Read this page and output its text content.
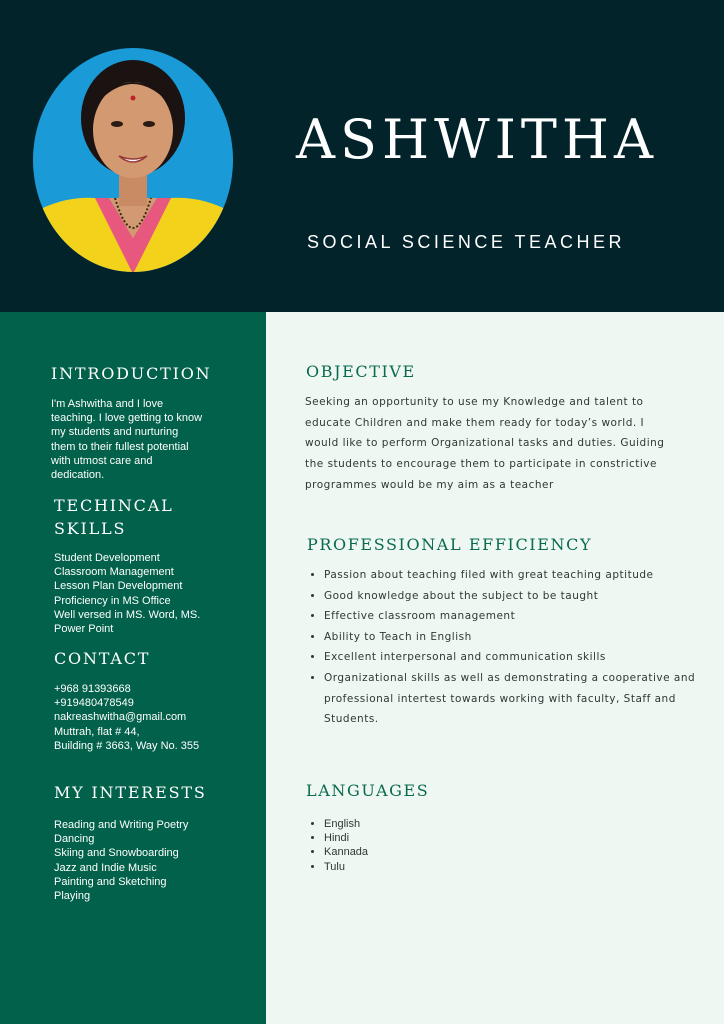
ASHWITHA
SOCIAL SCIENCE TEACHER
INTRODUCTION
I'm Ashwitha and I love
teaching. I love getting to know
my students and nurturing
them to their fullest potential
with utmost care and
dedication.
TECHINCAL
SKILLS
Student Development
Classroom Management
Lesson Plan Development
Proficiency in MS Office
Well versed in MS. Word, MS.
Power Point
CONTACT
+968 91393668
+919480478549
nakreashwitha@gmail.com
Muttrah, flat # 44,
Building # 3663, Way No. 355
MY INTERESTS
Reading and Writing Poetry
Dancing
Skiing and Snowboarding
Jazz and Indie Music
Painting and Sketching
Playing
OBJECTIVE
Seeking an opportunity to use my Knowledge and talent to
educate Children and make them ready for today’s world. I
would like to perform Organizational tasks and duties. Guiding
the students to encourage them to participate in constrictive
programmes would be my aim as a teacher
PROFESSIONAL EFFICIENCY
• Passion about teaching filed with great teaching aptitude
• Good knowledge about the subject to be taught
• Effective classroom management
• Ability to Teach in English
• Excellent interpersonal and communication skills
• Organizational skills as well as demonstrating a cooperative and professional intertest towards working with faculty, Staff and Students.
LANGUAGES
• English
• Hindi
• Kannada
• Tulu
